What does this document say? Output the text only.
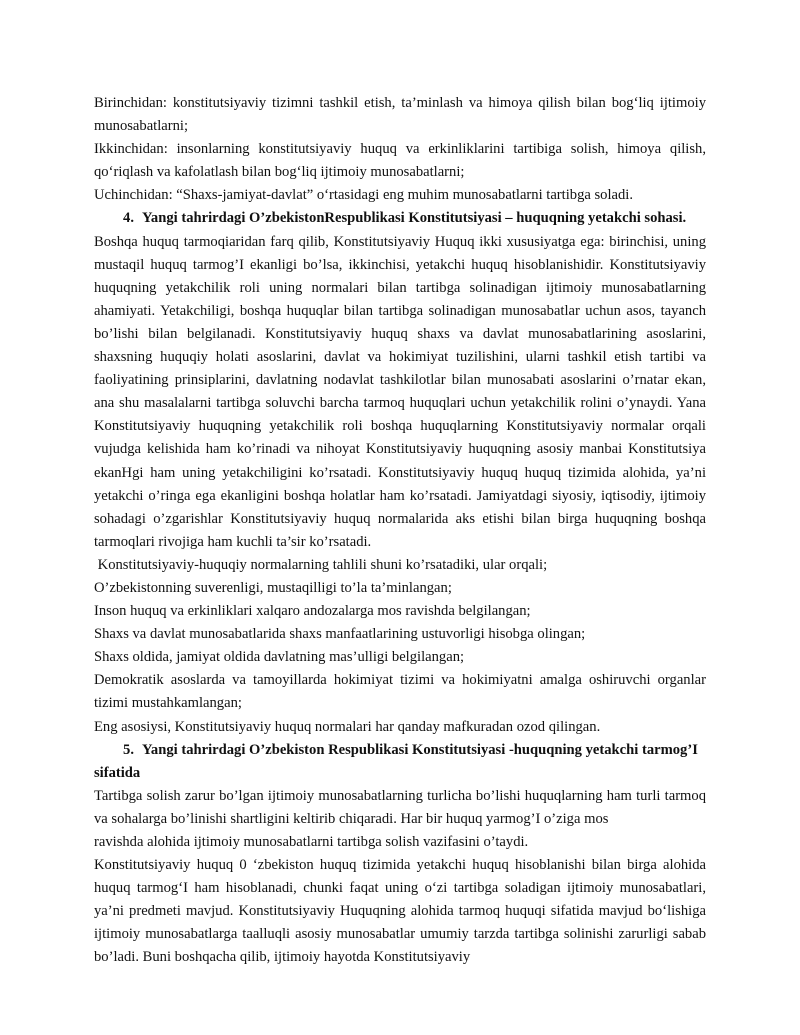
Birinchidan: konstitutsiyaviy tizimni tashkil etish, ta’minlash va himoya qilish bilan bog‘liq ijtimoiy munosabatlarni;

Ikkinchidan: insonlarning konstitutsiyaviy huquq va erkinliklarini tartibiga solish, himoya qilish, qo‘riqlash va kafolatlash bilan bog‘liq ijtimoiy munosabatlarni;

Uchinchidan: “Shaxs-jamiyat-davlat” o‘rtasidagi eng muhim munosabatlarni tartibga soladi.

4. Yangi tahrirdagi O’zbekistonRespublikasi Konstitutsiyasi – huquqning yetakchi sohasi.

Boshqa huquq tarmoqiaridan farq qilib, Konstitutsiyaviy Huquq ikki xususiyatga ega: birinchisi, uning mustaqil huquq tarmog’I ekanligi bo’lsa, ikkinchisi, yetakchi huquq hisoblanishidir. Konstitutsiyaviy huquqning yetakchilik roli uning normalari bilan tartibga solinadigan ijtimoiy munosabatlarning ahamiyati. Yetakchiligi, boshqa huquqlar bilan tartibga solinadigan munosabatlar uchun asos, tayanch bo’lishi bilan belgilanadi. Konstitutsiyaviy huquq shaxs va davlat munosabatlarining asoslarini, shaxsning huquqiy holati asoslarini, davlat va hokimiyat tuzilishini, ularni tashkil etish tartibi va faoliyatining prinsiplarini, davlatning nodavlat tashkilotlar bilan munosabati asoslarini o’rnatar ekan, ana shu masalalarni tartibga soluvchi barcha tarmoq huquqlari uchun yetakchilik rolini o’ynaydi. Yana Konstitutsiyaviy huquqning yetakchilik roli boshqa huquqlarning Konstitutsiyaviy normalar orqali vujudga kelishida ham ko’rinadi va nihoyat Konstitutsiyaviy huquqning asosiy manbai Konstitutsiya ekanHgi ham uning yetakchiligini ko’rsatadi. Konstitutsiyaviy huquq huquq tizimida alohida, ya’ni yetakchi o’ringa ega ekanligini boshqa holatlar ham ko’rsatadi. Jamiyatdagi siyosiy, iqtisodiy, ijtimoiy sohadagi o’zgarishlar Konstitutsiyaviy huquq normalarida aks etishi bilan birga huquqning boshqa tarmoqlari rivojiga ham kuchli ta’sir ko’rsatadi.

Konstitutsiyaviy-huquqiy normalarning tahlili shuni ko’rsatadiki, ular orqali;

O’zbekistonning suverenligi, mustaqilligi to’la ta’minlangan;

Inson huquq va erkinliklari xalqaro andozalarga mos ravishda belgilangan;

Shaxs va davlat munosabatlarida shaxs manfaatlarining ustuvorligi hisobga olingan;

Shaxs oldida, jamiyat oldida davlatning mas’ulligi belgilangan;

Demokratik asoslarda va tamoyillarda hokimiyat tizimi va hokimiyatni amalga oshiruvchi organlar tizimi mustahkamlangan;

Eng asosiysi, Konstitutsiyaviy huquq normalari har qanday mafkuradan ozod qilingan.

5. Yangi tahrirdagi O’zbekiston Respublikasi Konstitutsiyasi -huquqning yetakchi tarmog’I

sifatida

Tartibga solish zarur bo’lgan ijtimoiy munosabatlarning turlicha bo’lishi huquqlarning ham turli tarmoq va sohalarga bo’linishi shartligini keltirib chiqaradi. Har bir huquq yarmog’I o’ziga mos

ravishda alohida ijtimoiy munosabatlarni tartibga solish vazifasini o’taydi.

Konstitutsiyaviy huquq 0 ‘zbekiston huquq tizimida yetakchi huquq hisoblanishi bilan birga alohida huquq tarmog‘I ham hisoblanadi, chunki faqat uning o‘zi tartibga soladigan ijtimoiy munosabatlari, ya’ni predmeti mavjud. Konstitutsiyaviy Huquqning alohida tarmoq huquqi sifatida mavjud bo‘lishiga ijtimoiy munosabatlarga taalluqli asosiy munosabatlar umumiy tarzda tartibga solinishi zarurligi sabab bo’ladi. Buni boshqacha qilib, ijtimoiy hayotda Konstitutsiyaviy
